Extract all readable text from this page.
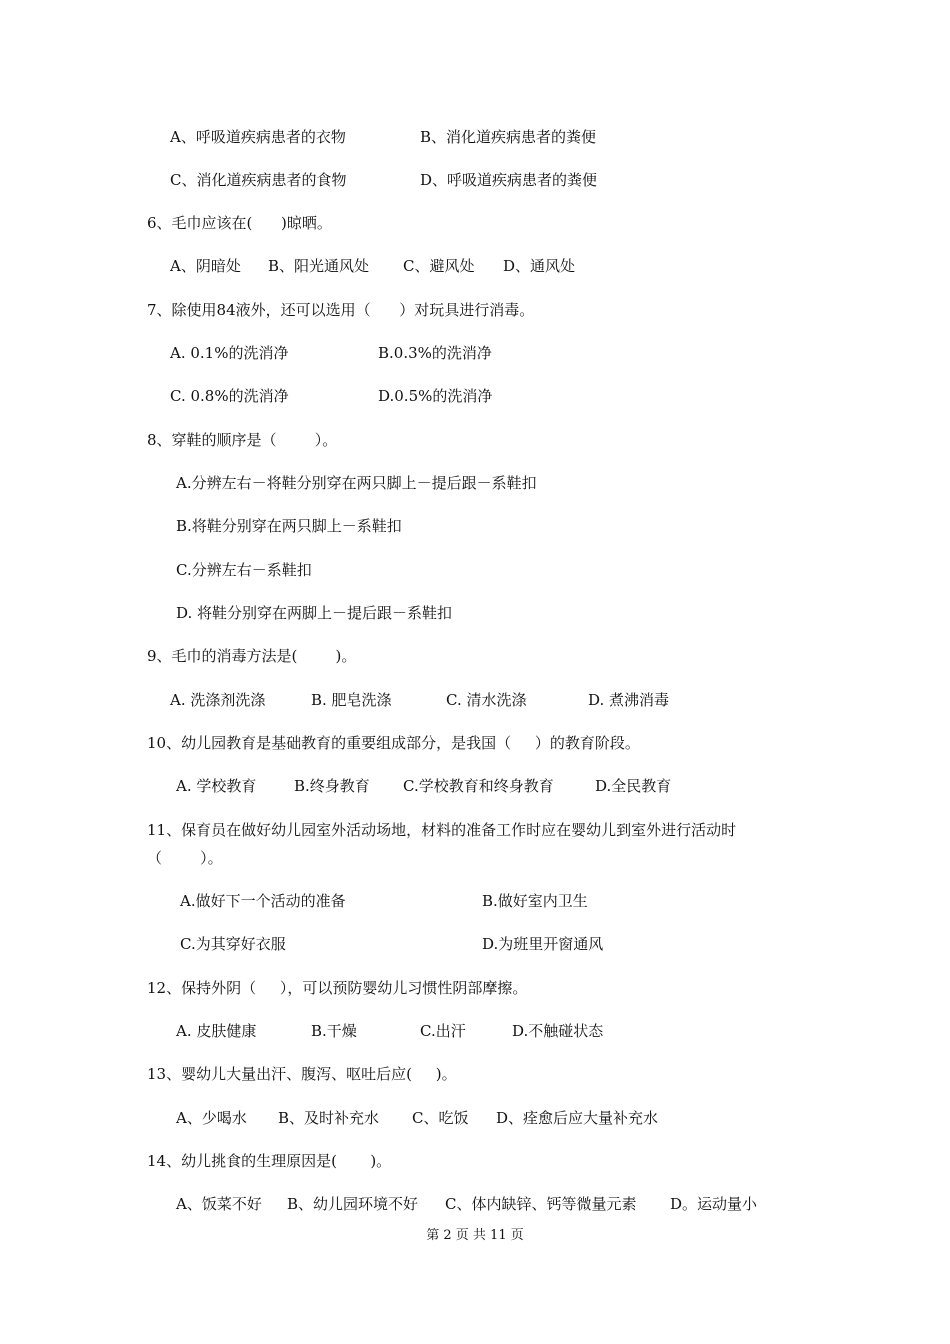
A、呼吸道疾病患者的衣物	B、消化道疾病患者的粪便
C、消化道疾病患者的食物	D、呼吸道疾病患者的粪便
6、毛巾应该在(      )晾晒。
A、阴暗处 B、阳光通风处 C、避风处 D、通风处
7、除使用84液外，还可以选用（      ）对玩具进行消毒。
A. 0.1%的洗消净	B.0.3%的洗消净
C. 0.8%的洗消净	D.0.5%的洗消净
8、穿鞋的顺序是（        ）。
A.分辨左右－将鞋分别穿在两只脚上－提后跟－系鞋扣
B.将鞋分别穿在两只脚上－系鞋扣
C.分辨左右－系鞋扣
D. 将鞋分别穿在两脚上－提后跟－系鞋扣
9、毛巾的消毒方法是(        )。
A. 洗涤剂洗涤	B. 肥皂洗涤	C. 清水洗涤	D. 煮沸消毒
10、幼儿园教育是基础教育的重要组成部分，是我国（     ）的教育阶段。
A. 学校教育	B.终身教育 C.学校教育和终身教育	D.全民教育
11、保育员在做好幼儿园室外活动场地，材料的准备工作时应在婴幼儿到室外进行活动时
（        ）。
A.做好下一个活动的准备	B.做好室内卫生
C.为其穿好衣服	D.为班里开窗通风
12、保持外阴（     ），可以预防婴幼儿习惯性阴部摩擦。
A. 皮肤健康	B.干燥	C.出汗	D.不触碰状态
13、婴幼儿大量出汗、腹泻、呕吐后应(     )。
A、少喝水 B、及时补充水 C、吃饭 D、痊愈后应大量补充水
14、幼儿挑食的生理原因是(       )。
A、饭菜不好 B、幼儿园环境不好 C、体内缺锌、钙等微量元素 D。运动量小
第 2 页 共 11 页
